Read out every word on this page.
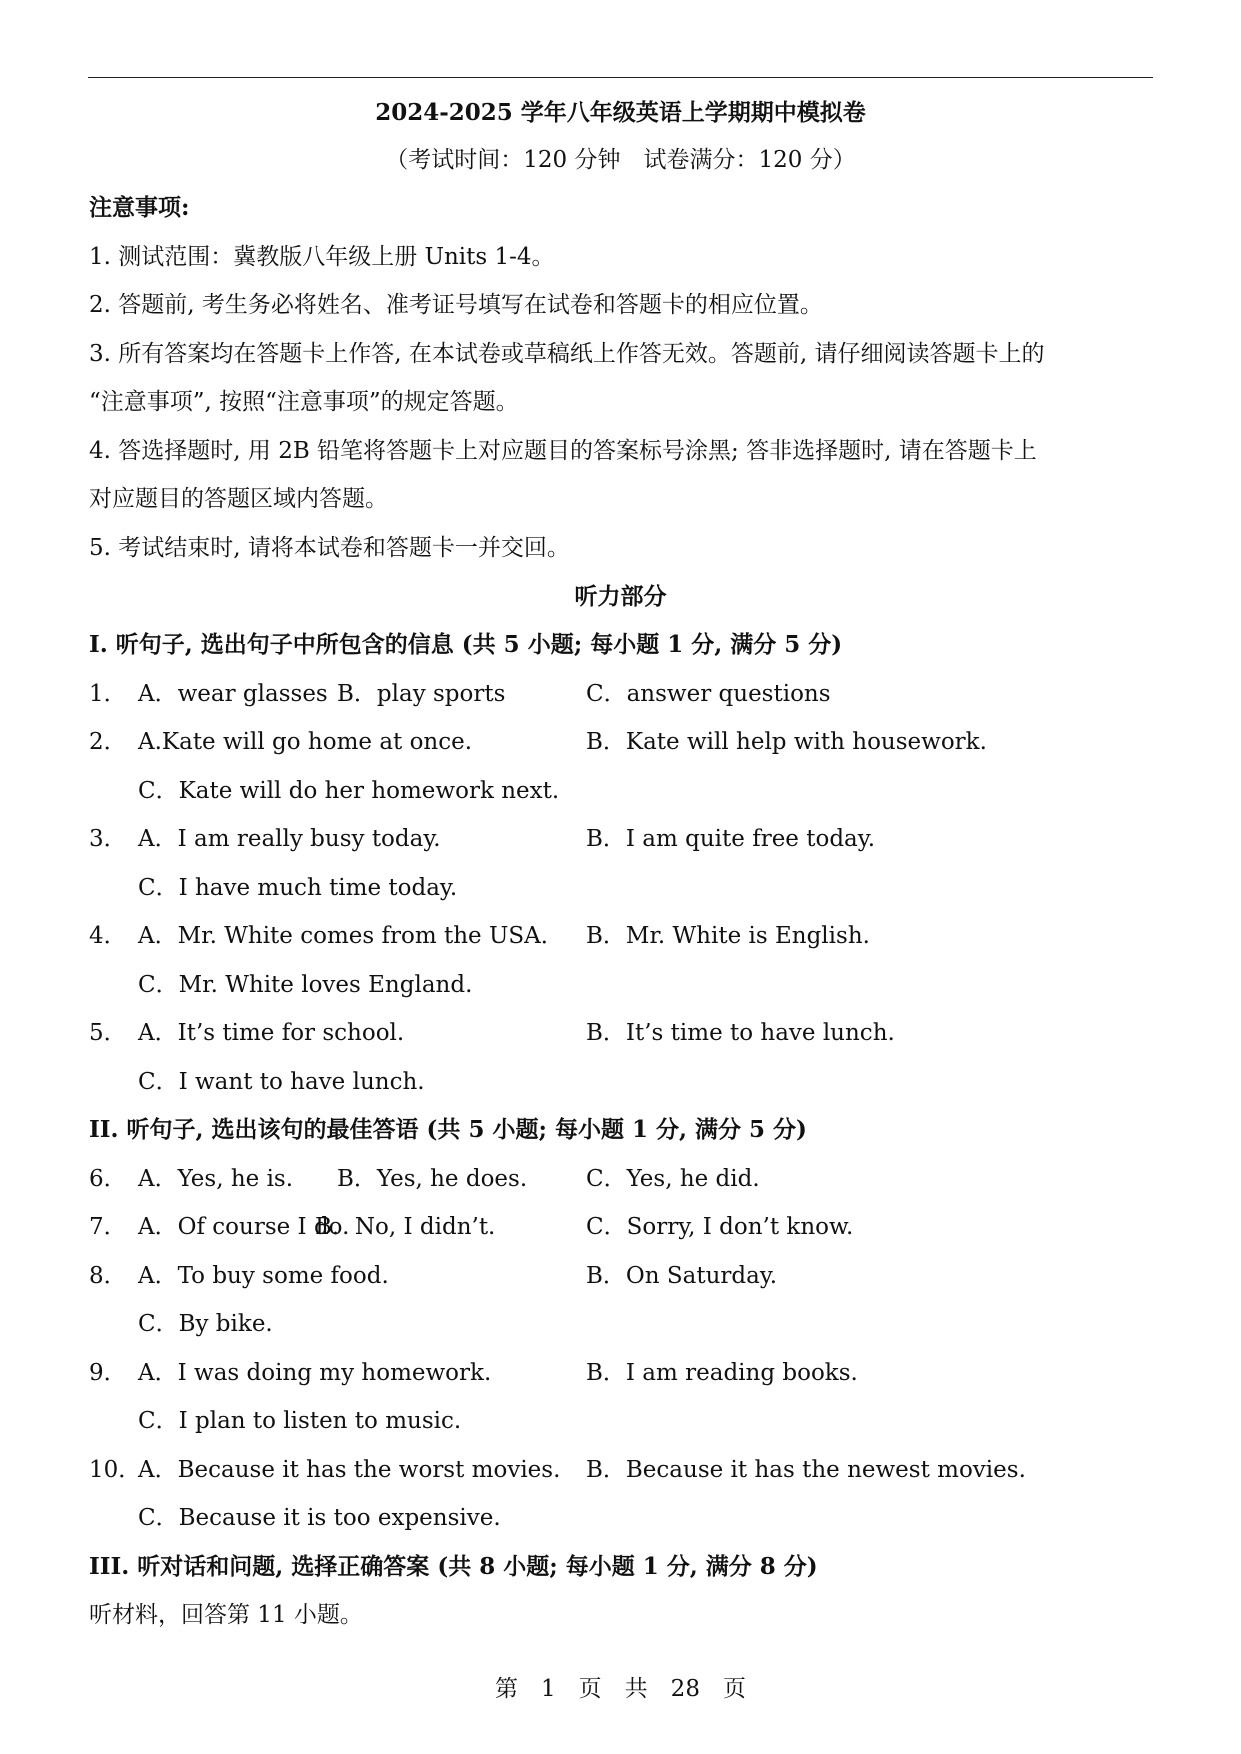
2024-2025 学年八年级英语上学期期中模拟卷
（考试时间：120 分钟　试卷满分：120 分）
注意事项:
1. 测试范围：冀教版八年级上册 Units 1-4。
2. 答题前, 考生务必将姓名、准考证号填写在试卷和答题卡的相应位置。
3. 所有答案均在答题卡上作答, 在本试卷或草稿纸上作答无效。答题前, 请仔细阅读答题卡上的
“注意事项”, 按照“注意事项”的规定答题。
4. 答选择题时, 用 2B 铅笔将答题卡上对应题目的答案标号涂黑; 答非选择题时, 请在答题卡上
对应题目的答题区域内答题。
5. 考试结束时, 请将本试卷和答题卡一并交回。
听力部分
I. 听句子, 选出句子中所包含的信息 (共 5 小题; 每小题 1 分, 满分 5 分)
1． A．wear glasses B．play sports	C．answer questions
2． A.Kate will go home at once.	B．Kate will help with housework.
C．Kate will do her homework next.
3． A．I am really busy today.	B．I am quite free today.
C．I have much time today.
4． A．Mr. White comes from the USA． B．Mr. White is English.
C．Mr. White loves England.
5． A．It’s time for school.	B．It’s time to have lunch.
C．I want to have lunch.
II. 听句子, 选出该句的最佳答语 (共 5 小题; 每小题 1 分, 满分 5 分)
6． A．Yes, he is. B．Yes, he does.	C．Yes, he did.
7． A．Of course I do.
B．No, I didn’t.	C．Sorry, I don’t know.
8． A．To buy some food.	B．On Saturday.
C．By bike.
9． A．I was doing my homework.	B．I am reading books.
C．I plan to listen to music.
10．
A．Because it has the worst movies. B．Because it has the newest movies.
C．Because it is too expensive.
III. 听对话和问题, 选择正确答案 (共 8 小题; 每小题 1 分, 满分 8 分)
听材料，回答第 11 小题。
第　1　页　共　28　页
